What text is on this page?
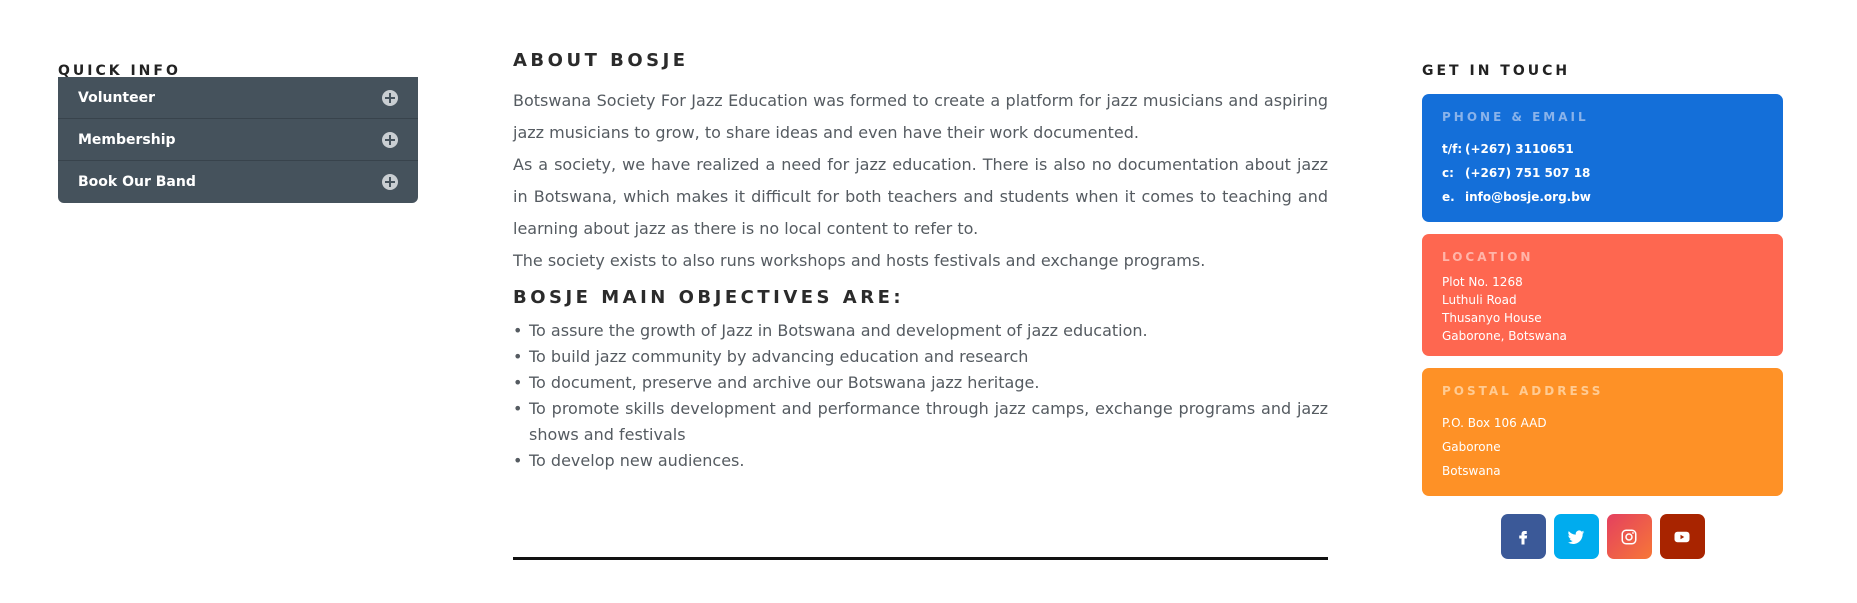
QUICK INFO
Volunteer
Membership
Book Our Band
ABOUT BOSJE

Botswana Society For Jazz Education was formed to create a platform for jazz musicians and aspiring jazz musicians to grow, to share ideas and even have their work documented.

As a society, we have realized a need for jazz education. There is also no documentation about jazz in Botswana, which makes it difficult for both teachers and students when it comes to teaching and learning about jazz as there is no local content to refer to.

The society exists to also runs workshops and hosts festivals and exchange programs.

BOSJE MAIN OBJECTIVES ARE:
• To assure the growth of Jazz in Botswana and development of jazz education.
• To build jazz community by advancing education and research
• To document, preserve and archive our Botswana jazz heritage.
• To promote skills development and performance through jazz camps, exchange programs and jazz shows and festivals
• To develop new audiences.
GET IN TOUCH
PHONE & EMAIL
t/f: (+267) 3110651
c: (+267) 751 507 18
e. info@bosje.org.bw
LOCATION
Plot No. 1268
Luthuli Road
Thusanyo House
Gaborone, Botswana
POSTAL ADDRESS
P.O. Box 106 AAD
Gaborone
Botswana
